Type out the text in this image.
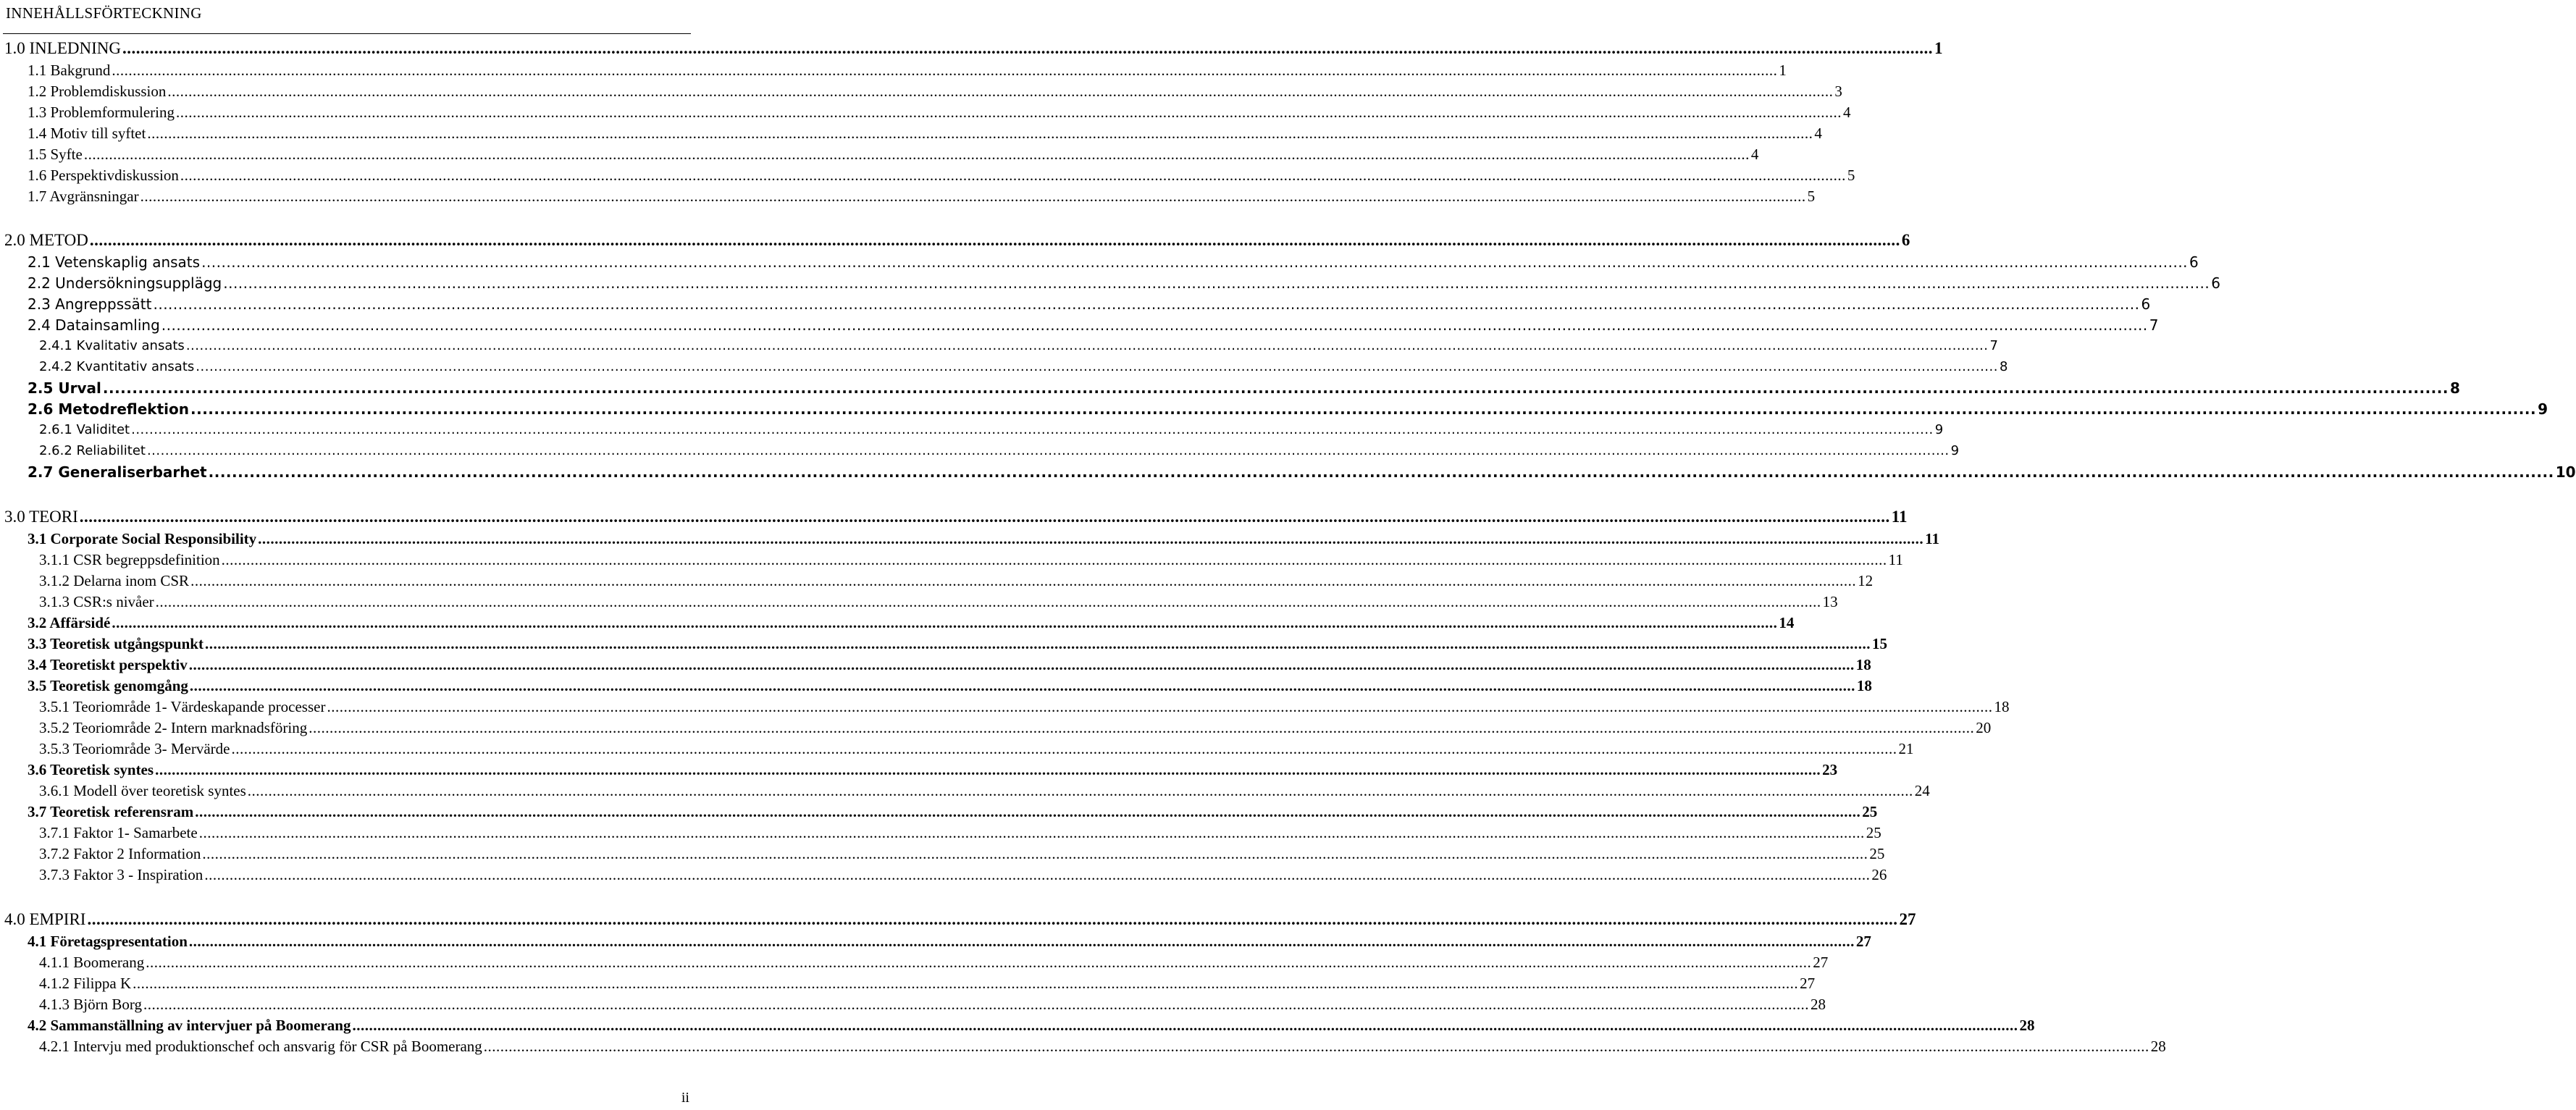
INNEHÅLLSFÖRTECKNING
1.0 INLEDNING ................................................................................................................................................................................................................................................................................................................................................................................................................ 1
1.1 Bakgrund ................................................................................................................................................................................................................................................................................................................................................................................................................ 1
1.2 Problemdiskussion ................................................................................................................................................................................................................................................................................................................................................................................................................ 3
1.3 Problemformulering ................................................................................................................................................................................................................................................................................................................................................................................................................ 4
1.4 Motiv till syftet ................................................................................................................................................................................................................................................................................................................................................................................................................ 4
1.5 Syfte ................................................................................................................................................................................................................................................................................................................................................................................................................ 4
1.6 Perspektivdiskussion ................................................................................................................................................................................................................................................................................................................................................................................................................ 5
1.7 Avgränsningar ................................................................................................................................................................................................................................................................................................................................................................................................................ 5
2.0 METOD ................................................................................................................................................................................................................................................................................................................................................................................................................ 6
2.1 Vetenskaplig ansats ................................................................................................................................................................................................................................................................................................................................................................................................................ 6
2.2 Undersökningsupplägg ................................................................................................................................................................................................................................................................................................................................................................................................................ 6
2.3 Angreppssätt ................................................................................................................................................................................................................................................................................................................................................................................................................ 6
2.4 Datainsamling ................................................................................................................................................................................................................................................................................................................................................................................................................ 7
2.4.1 Kvalitativ ansats ................................................................................................................................................................................................................................................................................................................................................................................................................ 7
2.4.2 Kvantitativ ansats ................................................................................................................................................................................................................................................................................................................................................................................................................ 8
2.5 Urval ................................................................................................................................................................................................................................................................................................................................................................................................................ 8
2.6 Metodreflektion ................................................................................................................................................................................................................................................................................................................................................................................................................ 9
2.6.1 Validitet ................................................................................................................................................................................................................................................................................................................................................................................................................ 9
2.6.2 Reliabilitet ................................................................................................................................................................................................................................................................................................................................................................................................................ 9
2.7 Generaliserbarhet ................................................................................................................................................................................................................................................................................................................................................................................................................ 10
3.0 TEORI ................................................................................................................................................................................................................................................................................................................................................................................................................ 11
3.1 Corporate Social Responsibility ................................................................................................................................................................................................................................................................................................................................................................................................................ 11
3.1.1 CSR begreppsdefinition ................................................................................................................................................................................................................................................................................................................................................................................................................ 11
3.1.2 Delarna inom CSR ................................................................................................................................................................................................................................................................................................................................................................................................................ 12
3.1.3 CSR:s nivåer ................................................................................................................................................................................................................................................................................................................................................................................................................ 13
3.2 Affärsidé ................................................................................................................................................................................................................................................................................................................................................................................................................ 14
3.3 Teoretisk utgångspunkt ................................................................................................................................................................................................................................................................................................................................................................................................................ 15
3.4 Teoretiskt perspektiv ................................................................................................................................................................................................................................................................................................................................................................................................................ 18
3.5 Teoretisk genomgång ................................................................................................................................................................................................................................................................................................................................................................................................................ 18
3.5.1 Teoriområde 1- Värdeskapande processer ................................................................................................................................................................................................................................................................................................................................................................................................................ 18
3.5.2 Teoriområde 2- Intern marknadsföring ................................................................................................................................................................................................................................................................................................................................................................................................................ 20
3.5.3 Teoriområde 3- Mervärde ................................................................................................................................................................................................................................................................................................................................................................................................................ 21
3.6 Teoretisk syntes ................................................................................................................................................................................................................................................................................................................................................................................................................ 23
3.6.1 Modell över teoretisk syntes ................................................................................................................................................................................................................................................................................................................................................................................................................ 24
3.7 Teoretisk referensram ................................................................................................................................................................................................................................................................................................................................................................................................................ 25
3.7.1 Faktor 1- Samarbete ................................................................................................................................................................................................................................................................................................................................................................................................................ 25
3.7.2 Faktor 2 Information ................................................................................................................................................................................................................................................................................................................................................................................................................ 25
3.7.3 Faktor 3 - Inspiration ................................................................................................................................................................................................................................................................................................................................................................................................................ 26
4.0 EMPIRI ................................................................................................................................................................................................................................................................................................................................................................................................................ 27
4.1 Företagspresentation ................................................................................................................................................................................................................................................................................................................................................................................................................ 27
4.1.1 Boomerang ................................................................................................................................................................................................................................................................................................................................................................................................................ 27
4.1.2 Filippa K ................................................................................................................................................................................................................................................................................................................................................................................................................ 27
4.1.3 Björn Borg ................................................................................................................................................................................................................................................................................................................................................................................................................ 28
4.2 Sammanställning av intervjuer på Boomerang ................................................................................................................................................................................................................................................................................................................................................................................................................ 28
4.2.1 Intervju med produktionschef och ansvarig för CSR på Boomerang ................................................................................................................................................................................................................................................................................................................................................................................................................ 28
ii
